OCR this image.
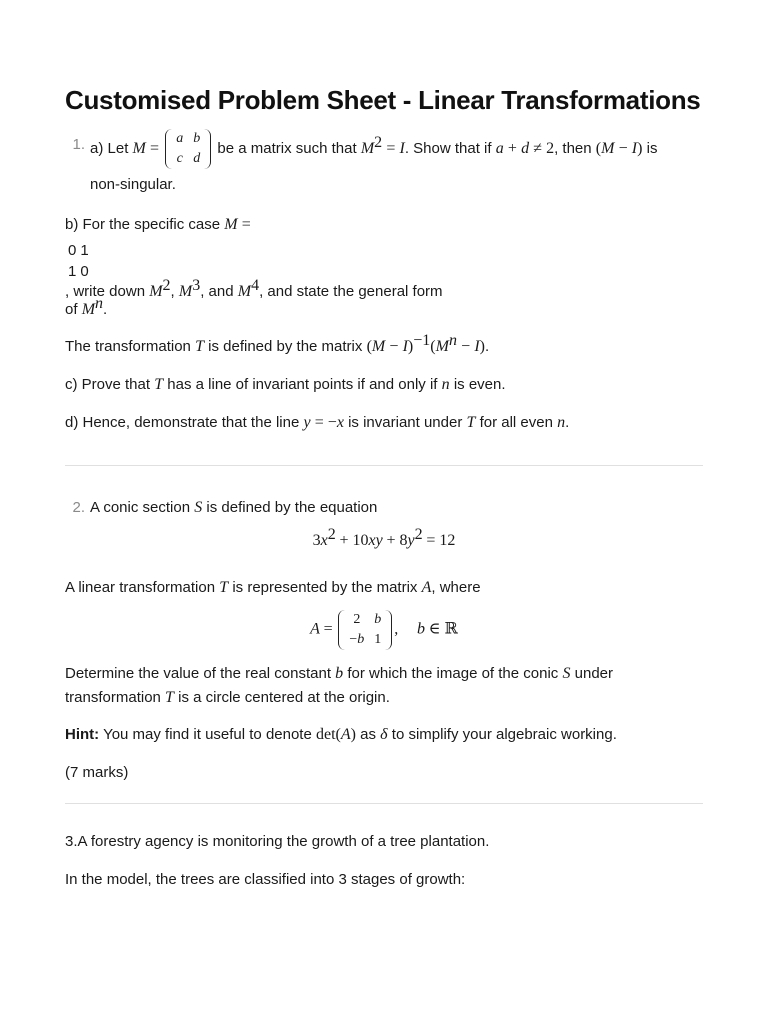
Customised Problem Sheet - Linear Transformations
1. a) Let M =
a	b
c	d
be a matrix such that $M^2 = I$. Show that if a + d ≠ 2, then (M − I) is
non-singular.

b) For the specific case M =

0	1
1	0
, write down $M^2$, $M^3$, and $M^4$, and state the general form
of $M^n$.

The transformation T is defined by the matrix $(M - I)^{-1}(M^n - I)$.

c) Prove that T has a line of invariant points if and only if n is even.

d) Hence, demonstrate that the line y = −x is invariant under T for all even n.

2. A conic section S is defined by the equation

$3x^2 + 10xy + 8y^2 = 12$

A linear transformation T is represented by the matrix A, where

A =
2	b
−b	1
, b ∈ ℝ

Determine the value of the real constant b for which the image of the conic S under
transformation T is a circle centered at the origin.

Hint: You may find it useful to denote det(A) as δ to simplify your algebraic working.

(7 marks)

3.A forestry agency is monitoring the growth of a tree plantation.

In the model, the trees are classified into 3 stages of growth:
